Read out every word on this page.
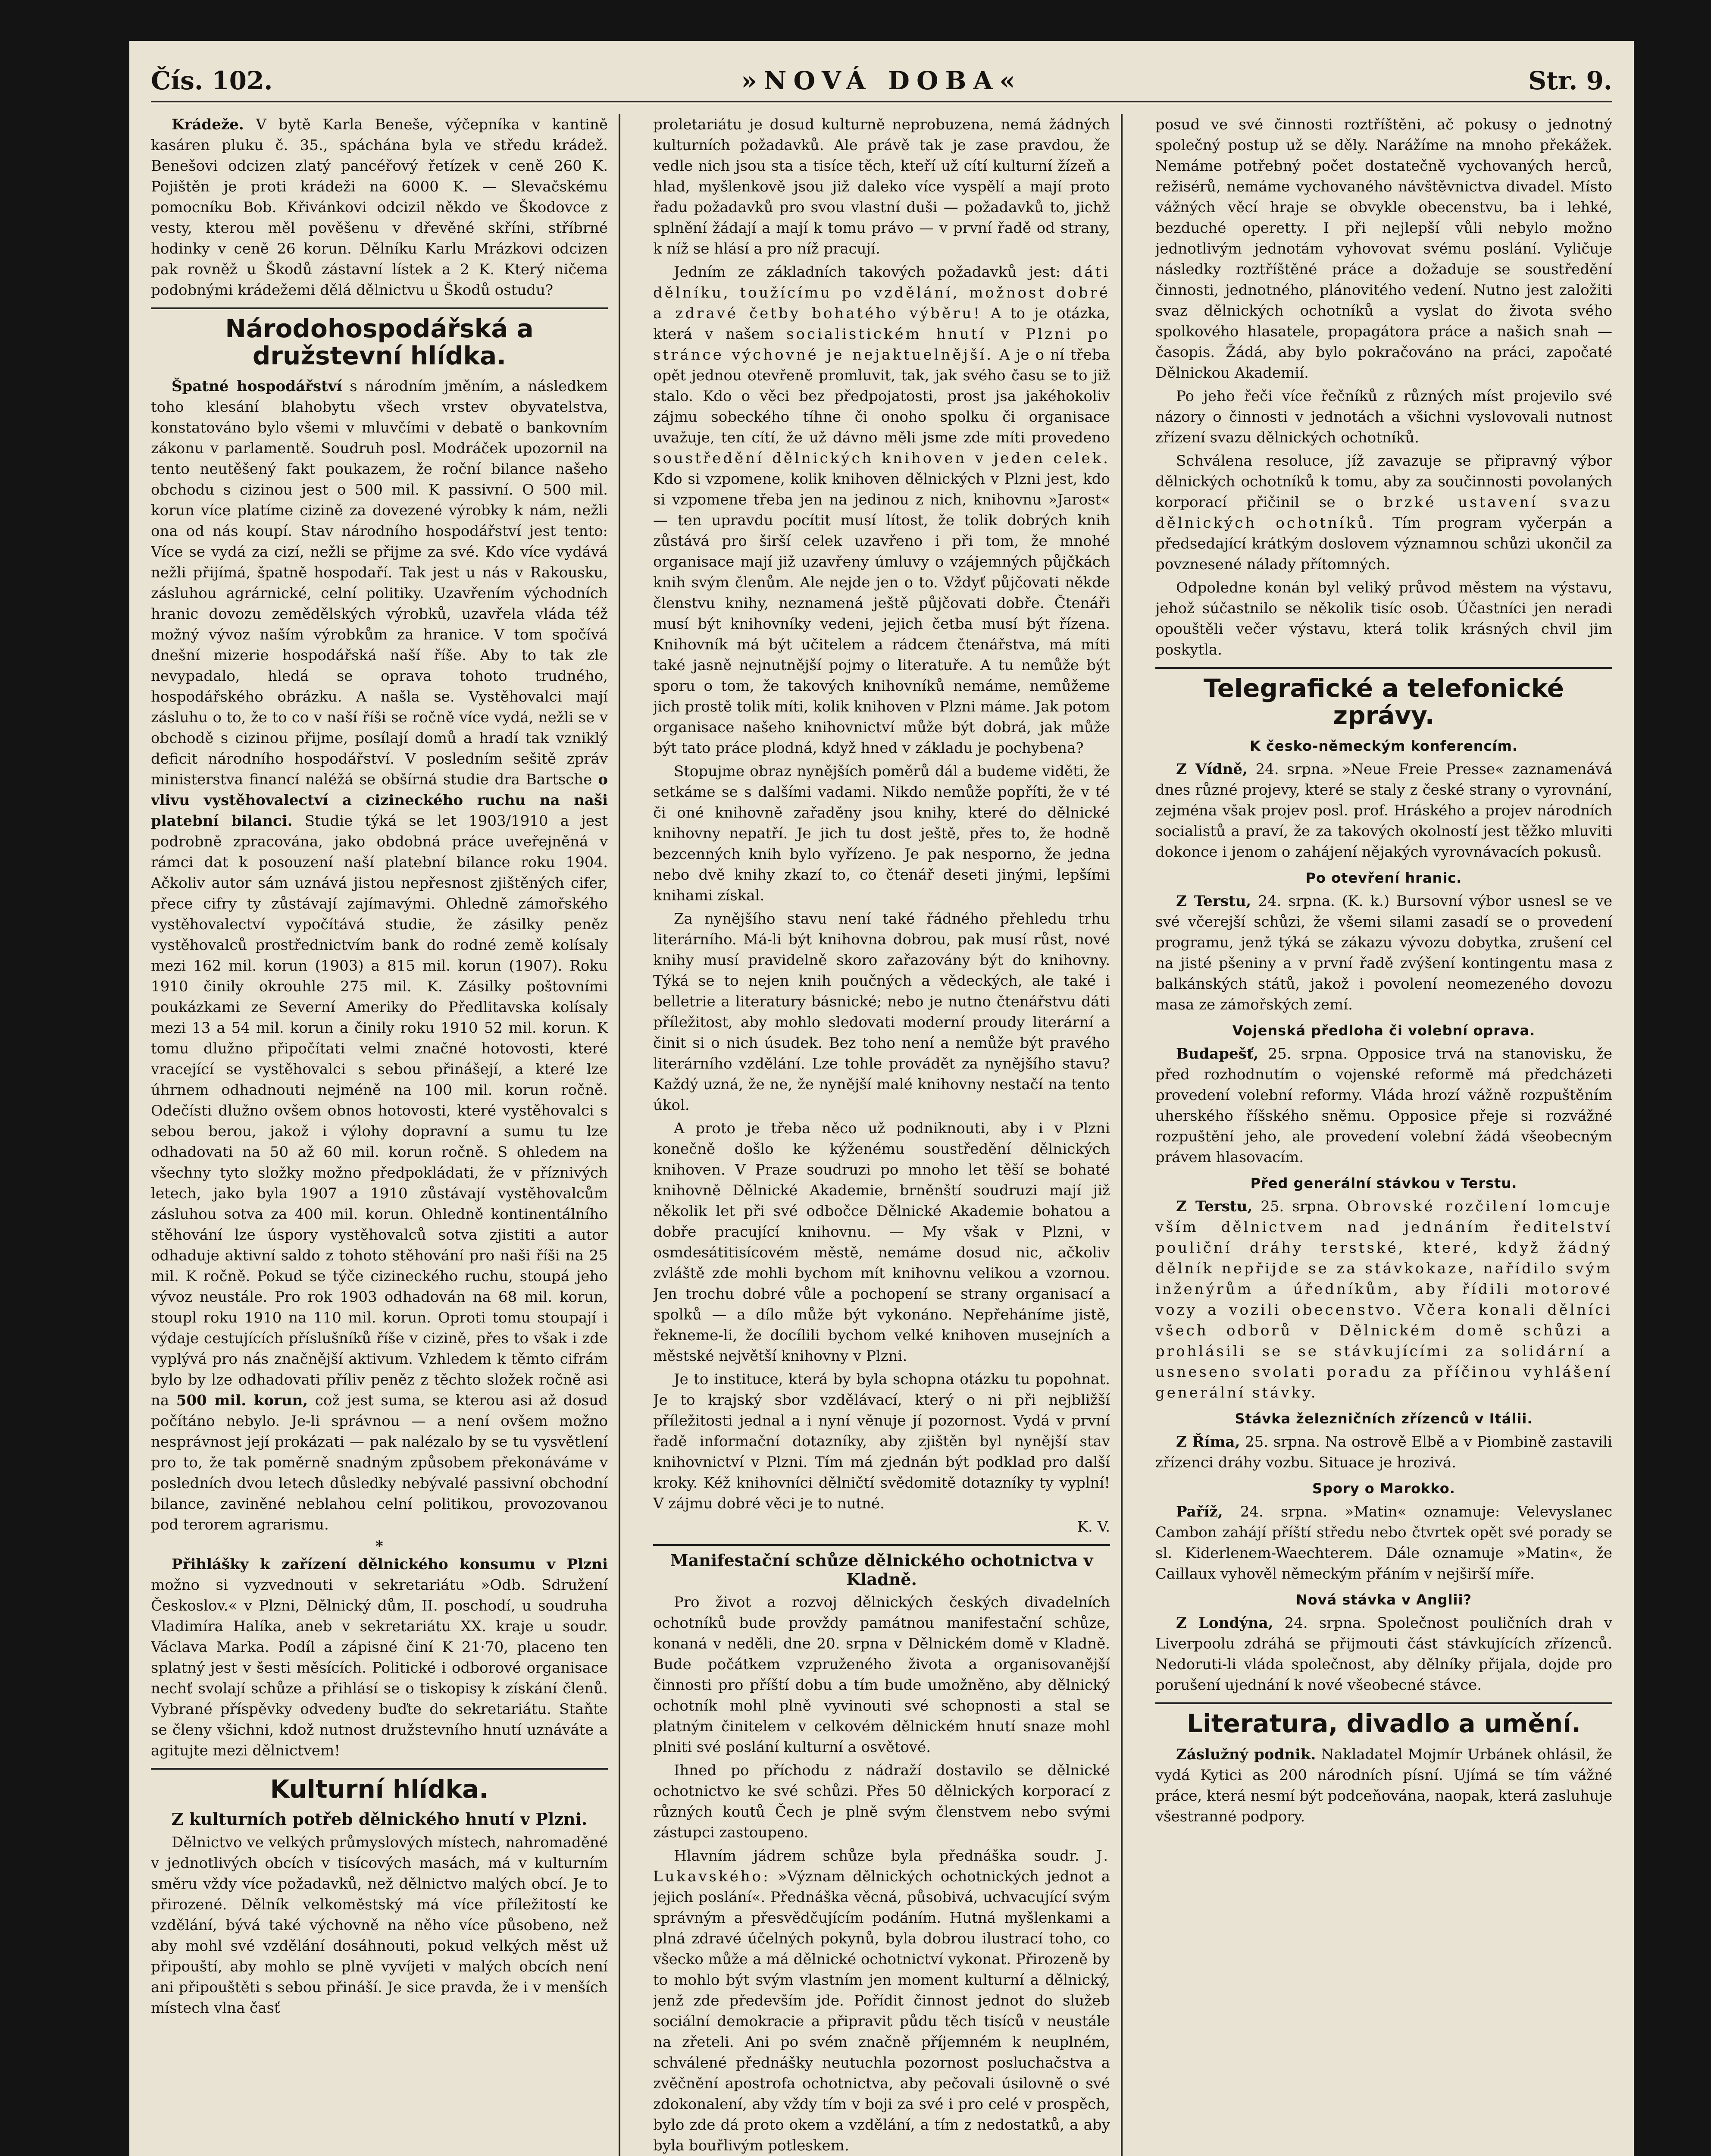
Čís. 102.	»NOVÁ DOBA«	Str. 9.

Krádeže. V bytě Karla Beneše, výčepníka v kantině kasáren pluku č. 35., spáchána byla ve středu krádež. Benešovi odcizen zlatý pancéřový řetízek v ceně 260 K. Pojištěn je proti krádeži na 6000 K. — Slevačskému pomocníku Bob. Křivánkovi odcizil někdo ve Škodovce z vesty, kterou měl pověšenu v dřevěné skříni, stříbrné hodinky v ceně 26 korun. Dělníku Karlu Mrázkovi odcizen pak rovněž u Škodů zástavní lístek a 2 K. Který ničema podobnými krádežemi dělá dělnictvu u Škodů ostudu?

Národohospodářská a družstevní hlídka.

Špatné hospodářství s národním jměním, a následkem toho klesání blahobytu všech vrstev obyvatelstva, konstatováno bylo všemi v mluvčími v debatě o bankovním zákonu v parlamentě. Soudruh posl. Modráček upozornil na tento neutěšený fakt poukazem, že roční bilance našeho obchodu s cizinou jest o 500 mil. K passivní. O 500 mil. korun více platíme cizině za dovezené výrobky k nám, nežli ona od nás koupí. Stav národního hospodářství jest tento: Více se vydá za cizí, nežli se přijme za své. Kdo více vydává nežli přijímá, špatně hospodaří. Tak jest u nás v Rakousku, zásluhou agrárnické, celní politiky. Uzavřením východních hranic dovozu zemědělských výrobků, uzavřela vláda též možný vývoz naším výrobkům za hranice. V tom spočívá dnešní mizerie hospodářská naší říše. Aby to tak zle nevypadalo, hledá se oprava tohoto trudného, hospodářského obrázku. A našla se. Vystěhovalci mají zásluhu o to, že to co v naší říši se ročně více vydá, nežli se v obchodě s cizinou přijme, posílají domů a hradí tak vzniklý deficit národního hospodářství. V posledním sešitě zpráv ministerstva financí naléžá se obšírná studie dra Bartsche o vlivu vystěhovalectví a cizineckého ruchu na naši platební bilanci. Studie týká se let 1903/1910 a jest podrobně zpracována, jako obdobná práce uveřejněná v rámci dat k posouzení naší platební bilance roku 1904. Ačkoliv autor sám uznává jistou nepřesnost zjištěných cifer, přece cifry ty zůstávají zajímavými. Ohledně zámořského vystěhovalectví vypočítává studie, že zásilky peněz vystěhovalců prostřednictvím bank do rodné země kolísaly mezi 162 mil. korun (1903) a 815 mil. korun (1907). Roku 1910 činily okrouhle 275 mil. K. Zásilky poštovními poukázkami ze Severní Ameriky do Předlitavska kolísaly mezi 13 a 54 mil. korun a činily roku 1910 52 mil. korun. K tomu dlužno připočítati velmi značné hotovosti, které vracející se vystěhovalci s sebou přinášejí, a které lze úhrnem odhadnouti nejméně na 100 mil. korun ročně. Odečísti dlužno ovšem obnos hotovosti, které vystěhovalci s sebou berou, jakož i výlohy dopravní a sumu tu lze odhadovati na 50 až 60 mil. korun ročně. S ohledem na všechny tyto složky možno předpokládati, že v příznivých letech, jako byla 1907 a 1910 zůstávají vystěhovalcům zásluhou sotva za 400 mil. korun. Ohledně kontinentálního stěhování lze úspory vystěhovalců sotva zjistiti a autor odhaduje aktivní saldo z tohoto stěhování pro naši říši na 25 mil. K ročně. Pokud se týče cizineckého ruchu, stoupá jeho vývoz neustále. Pro rok 1903 odhadován na 68 mil. korun, stoupl roku 1910 na 110 mil. korun. Oproti tomu stoupají i výdaje cestujících příslušníků říše v cizině, přes to však i zde vyplývá pro nás značnější aktivum. Vzhledem k těmto cifrám bylo by lze odhadovati příliv peněz z těchto složek ročně asi na 500 mil. korun, což jest suma, se kterou asi až dosud počítáno nebylo. Je-li správnou — a není ovšem možno nesprávnost její prokázati — pak nalézalo by se tu vysvětlení pro to, že tak poměrně snadným způsobem překonáváme v posledních dvou letech důsledky nebývalé passivní obchodní bilance, zaviněné neblahou celní politikou, provozovanou pod terorem agrarismu.

*

Přihlášky k zařízení dělnického konsumu v Plzni možno si vyzvednouti v sekretariátu »Odb. Sdružení Českoslov.« v Plzni, Dělnický dům, II. poschodí, u soudruha Vladimíra Halíka, aneb v sekretariátu XX. kraje u soudr. Václava Marka. Podíl a zápisné činí K 21·70, placeno ten splatný jest v šesti měsících. Politické i odborové organisace nechť svolají schůze a přihlásí se o tiskopisy k získání členů. Vybrané příspěvky odvedeny buďte do sekretariátu. Staňte se členy všichni, kdož nutnost družstevního hnutí uznáváte a agitujte mezi dělnictvem!

Kulturní hlídka.
Z kulturních potřeb dělnického hnutí v Plzni.

Dělnictvo ve velkých průmyslových místech, nahromaděné v jednotlivých obcích v tisícových masách, má v kulturním směru vždy více požadavků, než dělnictvo malých obcí. Je to přirozené. Dělník velkoměstský má více příležitostí ke vzdělání, bývá také výchovně na něho více působeno, než aby mohl své vzdělání dosáhnouti, pokud velkých měst už připouští, aby mohlo se plně vyvíjeti v malých obcích není ani připouštěti s sebou přináší. Je sice pravda, že i v menších místech vlna časť

proletariátu je dosud kulturně neprobuzena, nemá žádných kulturních požadavků. Ale právě tak je zase pravdou, že vedle nich jsou sta a tisíce těch, kteří už cítí kulturní žízeň a hlad, myšlenkově jsou již daleko více vyspělí a mají proto řadu požadavků pro svou vlastní duši — požadavků to, jichž splnění žádají a mají k tomu právo — v první řadě od strany, k níž se hlásí a pro níž pracují.

Jedním ze základních takových požadavků jest: dáti dělníku, toužícímu po vzdělání, možnost dobré a zdravé četby bohatého výběru! A to je otázka, která v našem socialistickém hnutí v Plzni po stránce výchovné je nejaktuelnější. A je o ní třeba opět jednou otevřeně promluvit, tak, jak svého času se to již stalo. Kdo o věci bez předpojatosti, prost jsa jakéhokoliv zájmu sobeckého tíhne či onoho spolku či organisace uvažuje, ten cítí, že už dávno měli jsme zde míti provedeno soustředění dělnických knihoven v jeden celek. Kdo si vzpomene, kolik knihoven dělnických v Plzni jest, kdo si vzpomene třeba jen na jedinou z nich, knihovnu »Jarost« — ten upravdu pocítit musí lítost, že tolik dobrých knih zůstává pro širší celek uzavřeno i při tom, že mnohé organisace mají již uzavřeny úmluvy o vzájemných půjčkách knih svým členům. Ale nejde jen o to. Vždyť půjčovati někde členstvu knihy, neznamená ještě půjčovati dobře. Čtenáři musí být knihovníky vedeni, jejich četba musí být řízena. Knihovník má být učitelem a rádcem čtenářstva, má míti také jasně nejnutnější pojmy o literatuře. A tu nemůže být sporu o tom, že takových knihovníků nemáme, nemůžeme jich prostě tolik míti, kolik knihoven v Plzni máme. Jak potom organisace našeho knihovnictví může být dobrá, jak může být tato práce plodná, když hned v základu je pochybena?

Stopujme obraz nynějších poměrů dál a budeme viděti, že setkáme se s dalšími vadami. Nikdo nemůže popříti, že v té či oné knihovně zařaděny jsou knihy, které do dělnické knihovny nepatří. Je jich tu dost ještě, přes to, že hodně bezcenných knih bylo vyřízeno. Je pak nesporno, že jedna nebo dvě knihy zkazí to, co čtenář deseti jinými, lepšími knihami získal.

Za nynějšího stavu není také řádného přehledu trhu literárního. Má-li být knihovna dobrou, pak musí růst, nové knihy musí pravidelně skoro zařazovány být do knihovny. Týká se to nejen knih poučných a vědeckých, ale také i belletrie a literatury básnické; nebo je nutno čtenářstvu dáti příležitost, aby mohlo sledovati moderní proudy literární a činit si o nich úsudek. Bez toho není a nemůže být pravého literárního vzdělání. Lze tohle provádět za nynějšího stavu? Každý uzná, že ne, že nynější malé knihovny nestačí na tento úkol.

A proto je třeba něco už podniknouti, aby i v Plzni konečně došlo ke kýženému soustředění dělnických knihoven. V Praze soudruzi po mnoho let těší se bohaté knihovně Dělnické Akademie, brněnští soudruzi mají již několik let při své odbočce Dělnické Akademie bohatou a dobře pracující knihovnu. — My však v Plzni, v osmdesátitisícovém městě, nemáme dosud nic, ačkoliv zvláště zde mohli bychom mít knihovnu velikou a vzornou. Jen trochu dobré vůle a pochopení se strany organisací a spolků — a dílo může být vykonáno. Nepřeháníme jistě, řekneme-li, že docílili bychom velké knihoven musejních a městské největší knihovny v Plzni.

Je to instituce, která by byla schopna otázku tu popohnat. Je to krajský sbor vzdělávací, který o ni při nejbližší příležitosti jednal a i nyní věnuje jí pozornost. Vydá v první řadě informační dotazníky, aby zjištěn byl nynější stav knihovnictví v Plzni. Tím má zjednán být podklad pro další kroky. Kéž knihovníci dělničtí svědomitě dotazníky ty vyplní! V zájmu dobré věci je to nutné.

K. V.
Manifestační schůze dělnického ochotnictva v Kladně.

Pro život a rozvoj dělnických českých divadelních ochotníků bude provždy památnou manifestační schůze, konaná v neděli, dne 20. srpna v Dělnickém domě v Kladně. Bude počátkem vzpruženého života a organisovanější činnosti pro příští dobu a tím bude umožněno, aby dělnický ochotník mohl plně vyvinouti své schopnosti a stal se platným činitelem v celkovém dělnickém hnutí snaze mohl plniti své poslání kulturní a osvětové.

Ihned po příchodu z nádraží dostavilo se dělnické ochotnictvo ke své schůzi. Přes 50 dělnických korporací z různých koutů Čech je plně svým členstvem nebo svými zástupci zastoupeno.

Hlavním jádrem schůze byla přednáška soudr. J. Lukavského: »Význam dělnických ochotnických jednot a jejich poslání«. Přednáška věcná, působivá, uchvacující svým správným a přesvědčujícím podáním. Hutná myšlenkami a plná zdravé účelných pokynů, byla dobrou ilustrací toho, co všecko může a má dělnické ochotnictví vykonat. Přirozeně by to mohlo být svým vlastním jen moment kulturní a dělnický, jenž zde především jde. Pořídit činnost jednot do služeb sociální demokracie a připravit půdu těch tisíců v neustále na zřeteli. Ani po svém značně příjemném k neuplném, schválené přednášky neutuchla pozornost posluchačstva a zvěčnění apostrofa ochotnictva, aby pečovali úsilovně o své zdokonalení, aby vždy tím v boji za své i pro celé v prospěch, bylo zde dá proto okem a vzdělání, a tím z nedostatků, a aby byla bouřlivým potleskem.

posud ve své činnosti roztříštěni, ač pokusy o jednotný společný postup už se děly. Narážíme na mnoho překážek. Nemáme potřebný počet dostatečně vychovaných herců, režisérů, nemáme vychovaného návštěvnictva divadel. Místo vážných věcí hraje se obvykle obecenstvu, ba i lehké, bezduché operetty. I při nejlepší vůli nebylo možno jednotlivým jednotám vyhovovat svému poslání. Vyličuje následky roztříštěné práce a dožaduje se soustředění činnosti, jednotného, plánovitého vedení. Nutno jest založiti svaz dělnických ochotníků a vyslat do života svého spolkového hlasatele, propagátora práce a našich snah — časopis. Žádá, aby bylo pokračováno na práci, započaté Dělnickou Akademií.

Po jeho řeči více řečníků z různých míst projevilo své názory o činnosti v jednotách a všichni vyslovovali nutnost zřízení svazu dělnických ochotníků.

Schválena resoluce, jíž zavazuje se připravný výbor dělnických ochotníků k tomu, aby za součinnosti povolaných korporací přičinil se o brzké ustavení svazu dělnických ochotníků. Tím program vyčerpán a předsedající krátkým doslovem významnou schůzi ukončil za povznesené nálady přítomných.

Odpoledne konán byl veliký průvod městem na výstavu, jehož súčastnilo se několik tisíc osob. Účastníci jen neradi opouštěli večer výstavu, která tolik krásných chvil jim poskytla.

Telegrafické a telefonické zprávy.
K česko-německým konferencím.

Z Vídně, 24. srpna. »Neue Freie Presse« zaznamenává dnes různé projevy, které se staly z české strany o vyrovnání, zejména však projev posl. prof. Hráského a projev národních socialistů a praví, že za takových okolností jest těžko mluviti dokonce i jenom o zahájení nějakých vyrovnávacích pokusů.

Po otevření hranic.

Z Terstu, 24. srpna. (K. k.) Bursovní výbor usnesl se ve své včerejší schůzi, že všemi silami zasadí se o provedení programu, jenž týká se zákazu vývozu dobytka, zrušení cel na jisté pšeniny a v první řadě zvýšení kontingentu masa z balkánských států, jakož i povolení neomezeného dovozu masa ze zámořských zemí.

Vojenská předloha či volební oprava.

Budapešť, 25. srpna. Opposice trvá na stanovisku, že před rozhodnutím o vojenské reformě má předcházeti provedení volební reformy. Vláda hrozí vážně rozpuštěním uherského říšského sněmu. Opposice přeje si rozvážné rozpuštění jeho, ale provedení volební žádá všeobecným právem hlasovacím.

Před generální stávkou v Terstu.

Z Terstu, 25. srpna. Obrovské rozčilení lomcuje vším dělnictvem nad jednáním ředitelství pouliční dráhy terstské, které, když žádný dělník nepřijde se za stávkokaze, nařídilo svým inženýrům a úředníkům, aby řídili motorové vozy a vozili obecenstvo. Včera konali dělníci všech odborů v Dělnickém domě schůzi a prohlásili se se stávkujícími za solidární a usneseno svolati poradu za příčinou vyhlášení generální stávky.

Stávka železničních zřízenců v Itálii.

Z Říma, 25. srpna. Na ostrově Elbě a v Piombině zastavili zřízenci dráhy vozbu. Situace je hrozivá.

Spory o Marokko.

Paříž, 24. srpna. »Matin« oznamuje: Velevyslanec Cambon zahájí příští středu nebo čtvrtek opět své porady se sl. Kiderlenem-Waechterem. Dále oznamuje »Matin«, že Caillaux vyhověl německým přáním v nejširší míře.

Nová stávka v Anglii?

Z Londýna, 24. srpna. Společnost pouličních drah v Liverpoolu zdráhá se přijmouti část stávkujících zřízenců. Nedoruti-li vláda společnost, aby dělníky přijala, dojde pro porušení ujednání k nové všeobecné stávce.

Literatura, divadlo a umění.

Záslužný podnik. Nakladatel Mojmír Urbánek ohlásil, že vydá Kytici as 200 národních písní. Ujímá se tím vážné práce, která nesmí být podceňována, naopak, která zasluhuje všestranné podpory.
